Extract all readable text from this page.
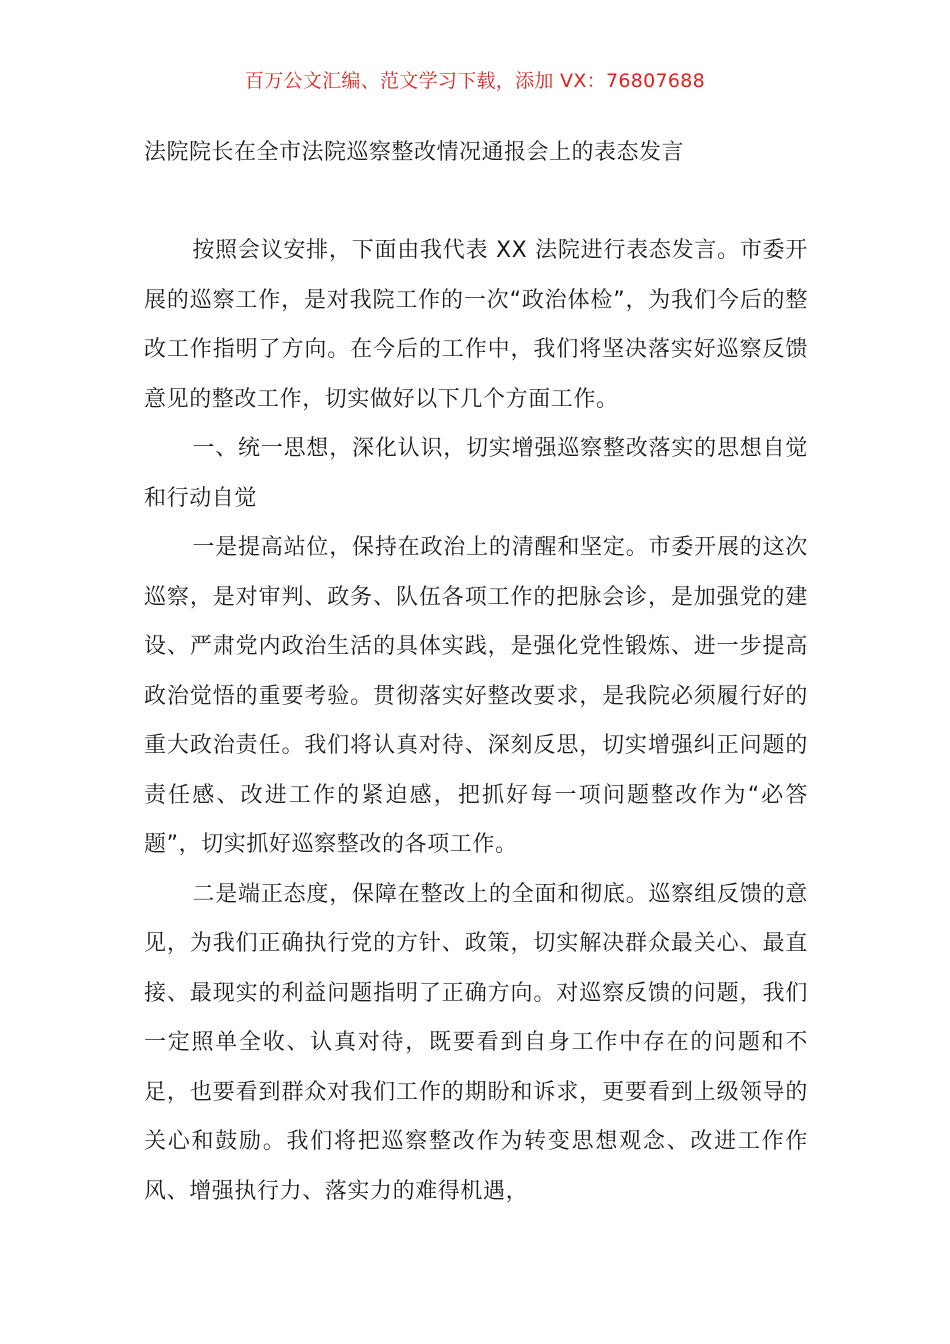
百万公文汇编、范文学习下载，添加 VX：76807688
法院院长在全市法院巡察整改情况通报会上的表态发言

按照会议安排，下面由我代表 XX 法院进行表态发言。市委开展的巡察工作，是对我院工作的一次“政治体检”，为我们今后的整改工作指明了方向。在今后的工作中，我们将坚决落实好巡察反馈意见的整改工作，切实做好以下几个方面工作。

一、统一思想，深化认识，切实增强巡察整改落实的思想自觉和行动自觉

一是提高站位，保持在政治上的清醒和坚定。市委开展的这次巡察，是对审判、政务、队伍各项工作的把脉会诊，是加强党的建设、严肃党内政治生活的具体实践，是强化党性锻炼、进一步提高政治觉悟的重要考验。贯彻落实好整改要求，是我院必须履行好的重大政治责任。我们将认真对待、深刻反思，切实增强纠正问题的责任感、改进工作的紧迫感，把抓好每一项问题整改作为“必答题”，切实抓好巡察整改的各项工作。

二是端正态度，保障在整改上的全面和彻底。巡察组反馈的意见，为我们正确执行党的方针、政策，切实解决群众最关心、最直接、最现实的利益问题指明了正确方向。对巡察反馈的问题，我们一定照单全收、认真对待，既要看到自身工作中存在的问题和不足，也要看到群众对我们工作的期盼和诉求，更要看到上级领导的关心和鼓励。我们将把巡察整改作为转变思想观念、改进工作作风、增强执行力、落实力的难得机遇，
